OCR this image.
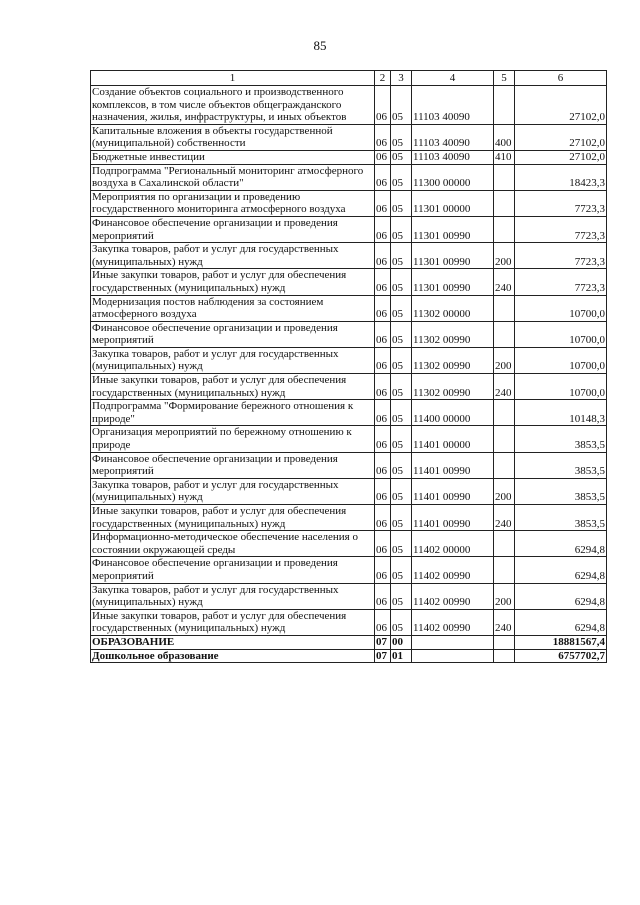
85
1	2	3	4	5	6
Создание объектов социального и производственного комплексов, в том числе объектов общегражданского назначения, жилья, инфраструктуры, и иных объектов	06	05	11103 40090		27102,0
Капитальные вложения в объекты государственной (муниципальной) собственности	06	05	11103 40090	400	27102,0
Бюджетные инвестиции	06	05	11103 40090	410	27102,0
Подпрограмма "Региональный мониторинг атмосферного воздуха в Сахалинской области"	06	05	11300 00000		18423,3
Мероприятия по организации и проведению государственного мониторинга атмосферного воздуха	06	05	11301 00000		7723,3
Финансовое обеспечение организации и проведения мероприятий	06	05	11301 00990		7723,3
Закупка товаров, работ и услуг для государственных (муниципальных) нужд	06	05	11301 00990	200	7723,3
Иные закупки товаров, работ и услуг для обеспечения государственных (муниципальных) нужд	06	05	11301 00990	240	7723,3
Модернизация постов наблюдения за состоянием атмосферного воздуха	06	05	11302 00000		10700,0
Финансовое обеспечение организации и проведения мероприятий	06	05	11302 00990		10700,0
Закупка товаров, работ и услуг для государственных (муниципальных) нужд	06	05	11302 00990	200	10700,0
Иные закупки товаров, работ и услуг для обеспечения государственных (муниципальных) нужд	06	05	11302 00990	240	10700,0
Подпрограмма "Формирование бережного отношения к природе"	06	05	11400 00000		10148,3
Организация мероприятий по бережному отношению к природе	06	05	11401 00000		3853,5
Финансовое обеспечение организации и проведения мероприятий	06	05	11401 00990		3853,5
Закупка товаров, работ и услуг для государственных (муниципальных) нужд	06	05	11401 00990	200	3853,5
Иные закупки товаров, работ и услуг для обеспечения государственных (муниципальных) нужд	06	05	11401 00990	240	3853,5
Информационно-методическое обеспечение населения о состоянии окружающей среды	06	05	11402 00000		6294,8
Финансовое обеспечение организации и проведения мероприятий	06	05	11402 00990		6294,8
Закупка товаров, работ и услуг для государственных (муниципальных) нужд	06	05	11402 00990	200	6294,8
Иные закупки товаров, работ и услуг для обеспечения государственных (муниципальных) нужд	06	05	11402 00990	240	6294,8
ОБРАЗОВАНИЕ	07	00			18881567,4
Дошкольное образование	07	01			6757702,7
